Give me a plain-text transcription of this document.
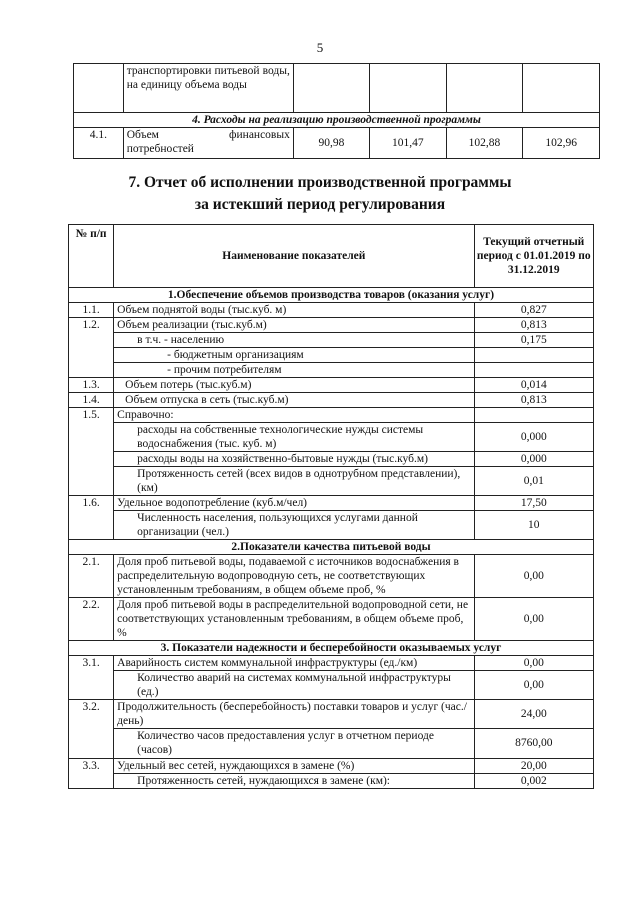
5
	транспортировки питьевой воды, на единицу объема воды				
4. Расходы на реализацию производственной программы					
4.1.	Объем финансовых потребностей	90,98	101,47	102,88	102,96
7. Отчет об исполнении производственной программы
за истекший период регулирования
№ п/п	Наименование показателей	Текущий отчетный период с 01.01.2019 по 31.12.2019
1.Обеспечение объемов производства товаров (оказания услуг)		
1.1.	Объем поднятой воды (тыс.куб. м)	0,827
1.2.	Объем реализации (тыс.куб.м)	0,813

	в т.ч. - населению	0,175

	- бюджетным организациям	

	- прочим потребителям	

1.3.	Объем потерь (тыс.куб.м)	0,014
1.4.	Объем отпуска в сеть (тыс.куб.м)	0,813
1.5.	Справочно:	

	расходы на собственные технологические нужды системы водоснабжения (тыс. куб. м)	0,000

	расходы воды на хозяйственно-бытовые нужды (тыс.куб.м)	0,000

	Протяженность сетей (всех видов в однотрубном представлении), (км)	0,01
1.6.	Удельное водопотребление (куб.м/чел)	17,50

	Численность населения, пользующихся услугами данной организации (чел.)	10
2.Показатели качества питьевой воды		
2.1.	Доля проб питьевой воды, подаваемой с источников водоснабжения в распределительную водопроводную сеть, не соответствующих установленным требованиям, в общем объеме проб, %	0,00
2.2.	Доля проб питьевой воды в распределительной водопроводной сети, не соответствующих установленным требованиям, в общем объеме проб, %	0,00
3. Показатели надежности и бесперебойности оказываемых услуг		
3.1.	Аварийность систем коммунальной инфраструктуры (ед./км)	0,00

	Количество аварий на системах коммунальной инфраструктуры (ед.)	0,00
3.2.	Продолжительность (бесперебойность) поставки товаров и услуг (час./день)	24,00

	Количество часов предоставления услуг в отчетном периоде (часов)	8760,00
3.3.	Удельный вес сетей, нуждающихся в замене (%)	20,00

	Протяженность сетей, нуждающихся в замене (км):	0,002
